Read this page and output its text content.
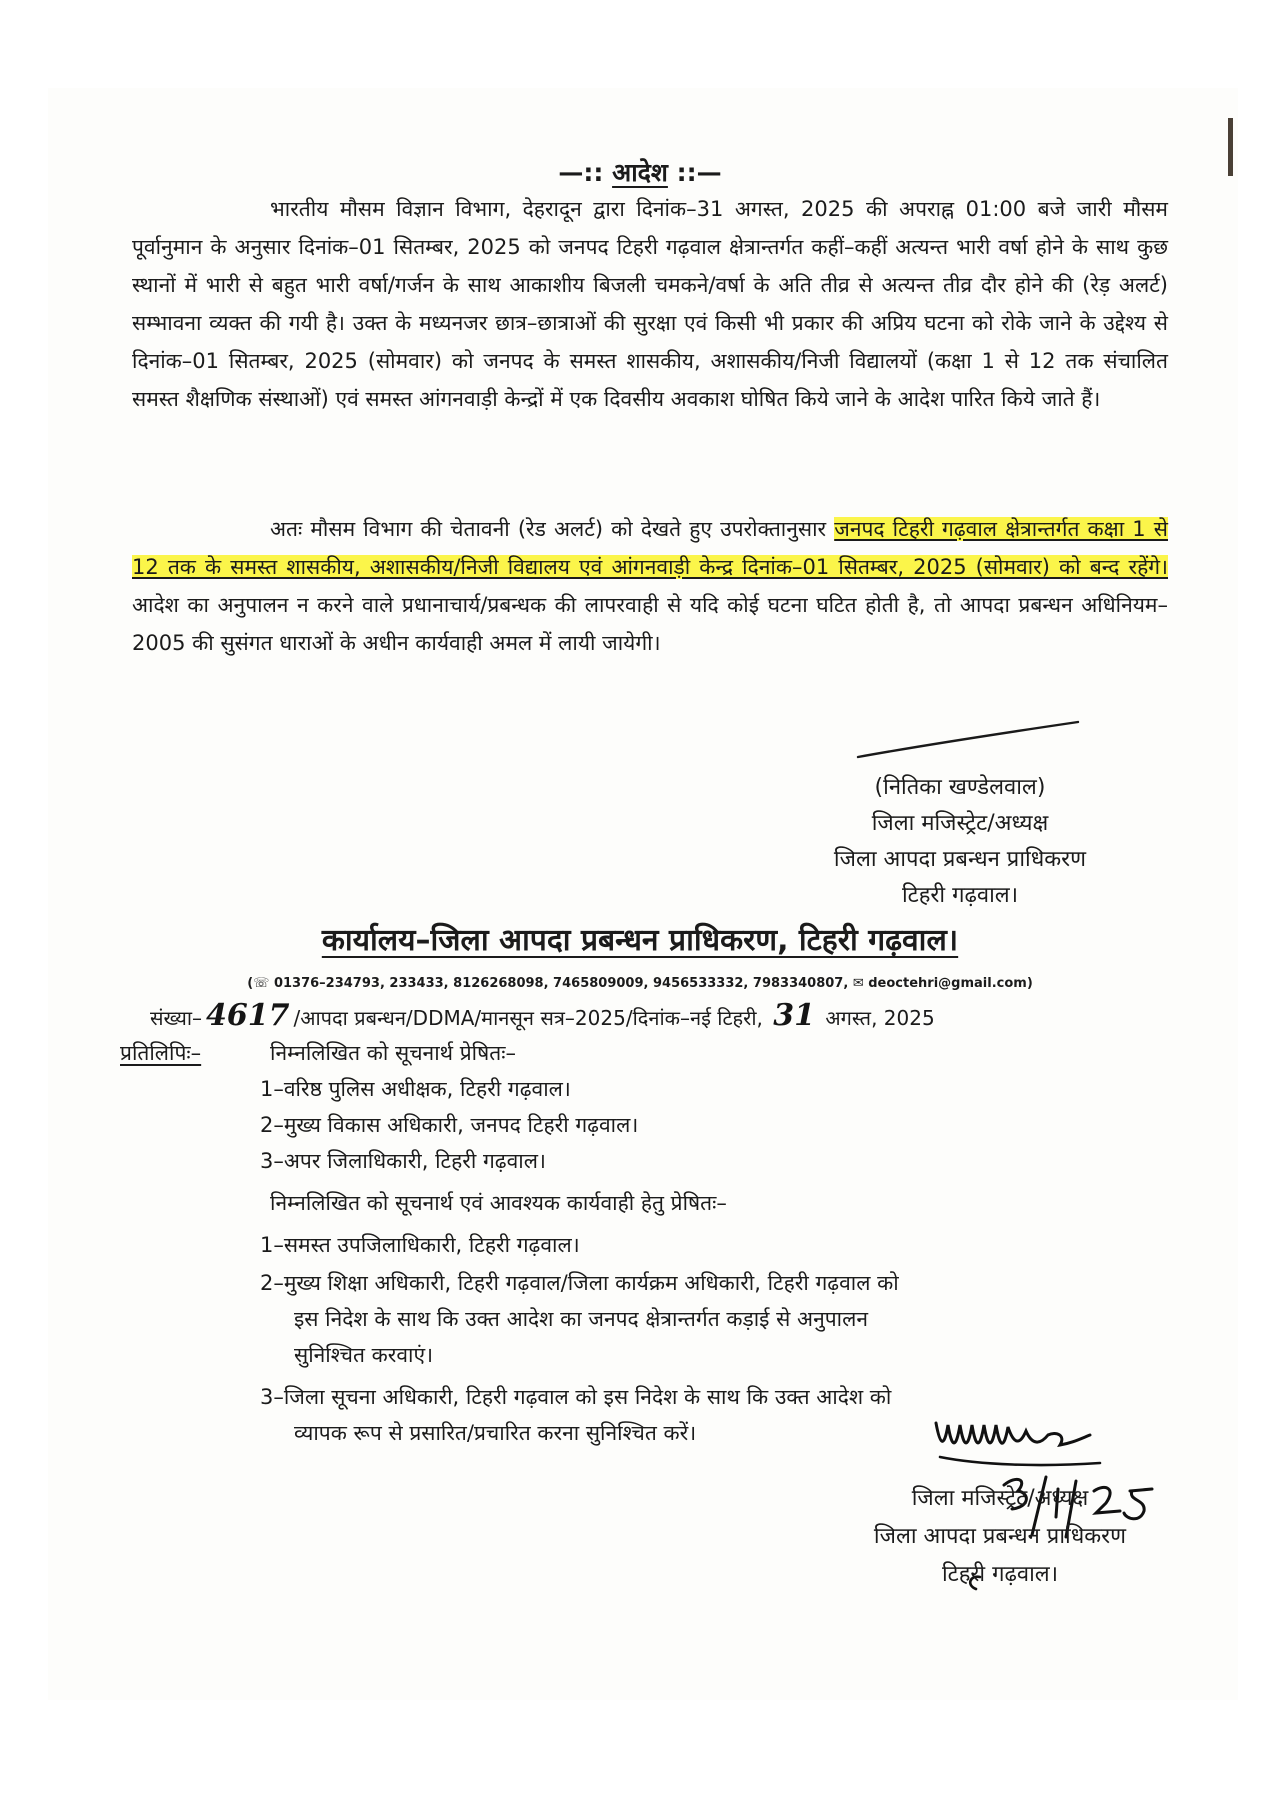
—:: आदेश ::—

भारतीय मौसम विज्ञान विभाग, देहरादून द्वारा दिनांक–31 अगस्त, 2025 की अपराह्न 01:00 बजे जारी मौसम पूर्वानुमान के अनुसार दिनांक–01 सितम्बर, 2025 को जनपद टिहरी गढ़वाल क्षेत्रान्तर्गत कहीं–कहीं अत्यन्त भारी वर्षा होने के साथ कुछ स्थानों में भारी से बहुत भारी वर्षा/गर्जन के साथ आकाशीय बिजली चमकने/वर्षा के अति तीव्र से अत्यन्त तीव्र दौर होने की (रेड़ अलर्ट) सम्भावना व्यक्त की गयी है। उक्त के मध्यनजर छात्र–छात्राओं की सुरक्षा एवं किसी भी प्रकार की अप्रिय घटना को रोके जाने के उद्देश्य से दिनांक–01 सितम्बर, 2025 (सोमवार) को जनपद के समस्त शासकीय, अशासकीय/निजी विद्यालयों (कक्षा 1 से 12 तक संचालित समस्त शैक्षणिक संस्थाओं) एवं समस्त आंगनवाड़ी केन्द्रों में एक दिवसीय अवकाश घोषित किये जाने के आदेश पारित किये जाते हैं।

अतः मौसम विभाग की चेतावनी (रेड अलर्ट) को देखते हुए उपरोक्तानुसार जनपद टिहरी गढ़वाल क्षेत्रान्तर्गत कक्षा 1 से 12 तक के समस्त शासकीय, अशासकीय/निजी विद्यालय एवं आंगनवाड़ी केन्द्र दिनांक–01 सितम्बर, 2025 (सोमवार) को बन्द रहेंगे। आदेश का अनुपालन न करने वाले प्रधानाचार्य/प्रबन्धक की लापरवाही से यदि कोई घटना घटित होती है, तो आपदा प्रबन्धन अधिनियम–2005 की सुसंगत धाराओं के अधीन कार्यवाही अमल में लायी जायेगी।

(नितिका खण्डेलवाल)
जिला मजिस्ट्रेट/अध्यक्ष
जिला आपदा प्रबन्धन प्राधिकरण
टिहरी गढ़वाल।
कार्यालय–जिला आपदा प्रबन्धन प्राधिकरण, टिहरी गढ़वाल।
(☏ 01376–234793, 233433, 8126268098, 7465809009, 9456533332, 7983340807, ✉ deoctehri@gmail.com)
संख्या– 4617 /आपदा प्रबन्धन/DDMA/मानसून सत्र–2025/दिनांक–नई टिहरी, 31 अगस्त, 2025
प्रतिलिपिः–	निम्नलिखित को सूचनार्थ प्रेषितः–
1–वरिष्ठ पुलिस अधीक्षक, टिहरी गढ़वाल।
2–मुख्य विकास अधिकारी, जनपद टिहरी गढ़वाल।
3–अपर जिलाधिकारी, टिहरी गढ़वाल।
निम्नलिखित को सूचनार्थ एवं आवश्यक कार्यवाही हेतु प्रेषितः–
1–समस्त उपजिलाधिकारी, टिहरी गढ़वाल।
2–मुख्य शिक्षा अधिकारी, टिहरी गढ़वाल/जिला कार्यक्रम अधिकारी, टिहरी गढ़वाल को
इस निदेश के साथ कि उक्त आदेश का जनपद क्षेत्रान्तर्गत कड़ाई से अनुपालन
सुनिश्चित करवाएं।
3–जिला सूचना अधिकारी, टिहरी गढ़वाल को इस निदेश के साथ कि उक्त आदेश को
व्यापक रूप से प्रसारित/प्रचारित करना सुनिश्चित करें।
जिला मजिस्ट्रेट/अध्यक्ष
जिला आपदा प्रबन्धन प्राधिकरण
टिहरी गढ़वाल।
